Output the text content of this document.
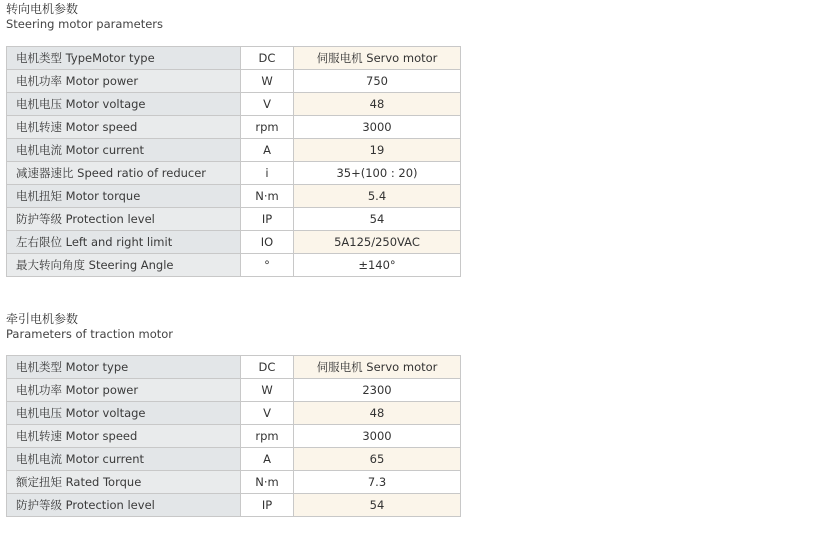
转向电机参数
Steering motor parameters
电机类型 TypeMotor type	DC	伺服电机 Servo motor
电机功率 Motor power	W	750
电机电压 Motor voltage	V	48
电机转速 Motor speed	rpm	3000
电机电流 Motor current	A	19
减速器速比 Speed ratio of reducer	i	35+(100 : 20)
电机扭矩 Motor torque	N·m	5.4
防护等级 Protection level	IP	54
左右限位 Left and right limit	IO	5A125/250VAC
最大转向角度 Steering Angle	°	±140°
牵引电机参数
Parameters of traction motor
电机类型 Motor type	DC	伺服电机 Servo motor
电机功率 Motor power	W	2300
电机电压 Motor voltage	V	48
电机转速 Motor speed	rpm	3000
电机电流 Motor current	A	65
额定扭矩 Rated Torque	N·m	7.3
防护等级 Protection level	IP	54
